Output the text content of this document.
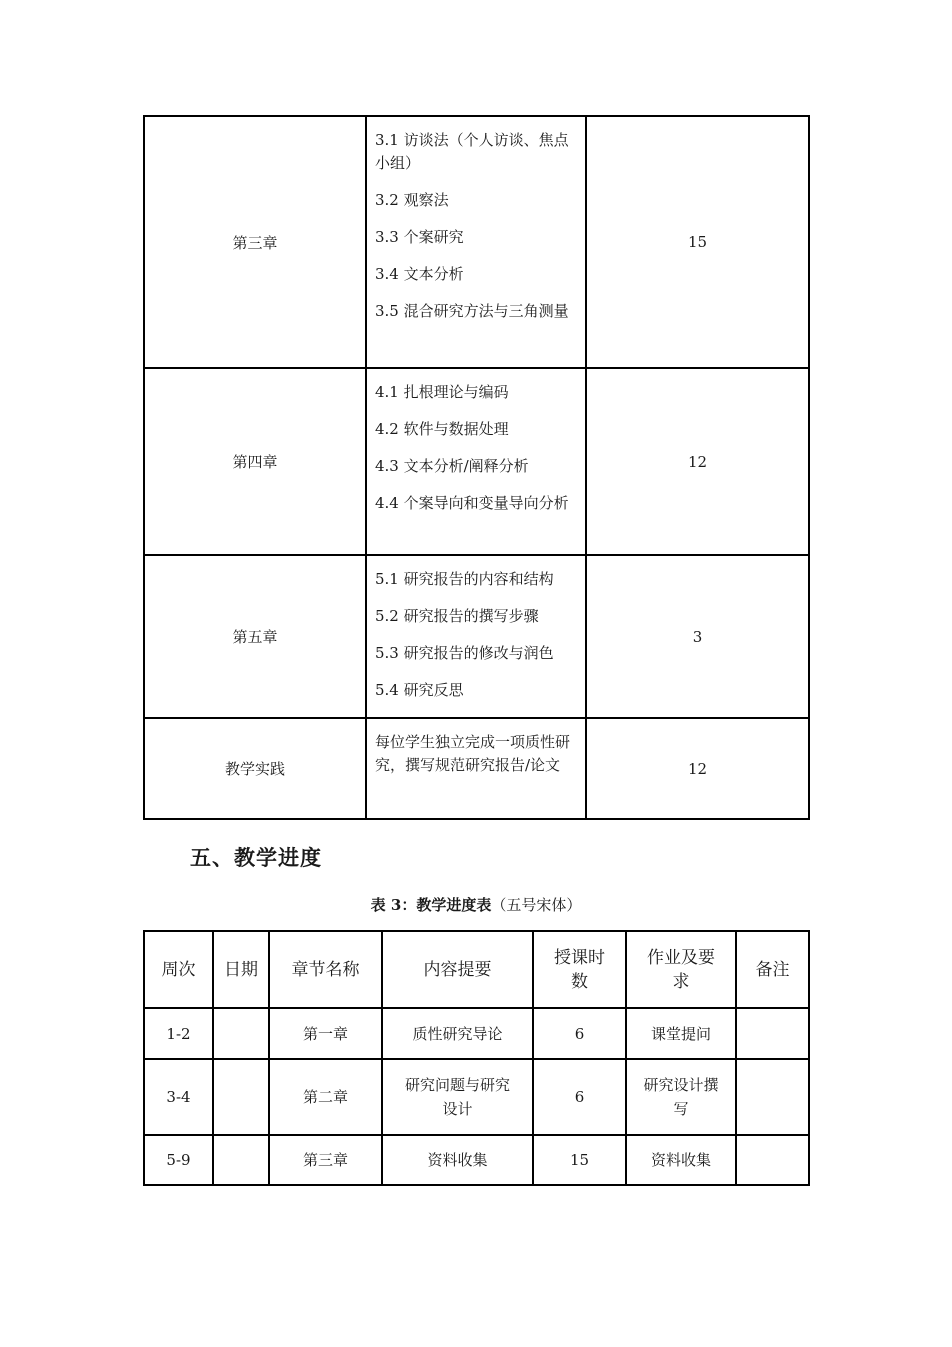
第三章	3.1 访谈法（个人访谈、焦点小组）
3.2 观察法
3.3 个案研究
3.4 文本分析
3.5 混合研究方法与三角测量	15
第四章	4.1 扎根理论与编码
4.2 软件与数据处理
4.3 文本分析/阐释分析
4.4 个案导向和变量导向分析	12
第五章	5.1 研究报告的内容和结构
5.2 研究报告的撰写步骤
5.3 研究报告的修改与润色
5.4 研究反思	3
教学实践	每位学生独立完成一项质性研究，撰写规范研究报告/论文	12
五、教学进度
表 3：教学进度表（五号宋体）
周次	日期	章节名称	内容提要	授课时数	作业及要求	备注
1-2		第一章	质性研究导论	6	课堂提问	
3-4		第二章	研究问题与研究设计	6	研究设计撰写	
5-9		第三章	资料收集	15	资料收集	
